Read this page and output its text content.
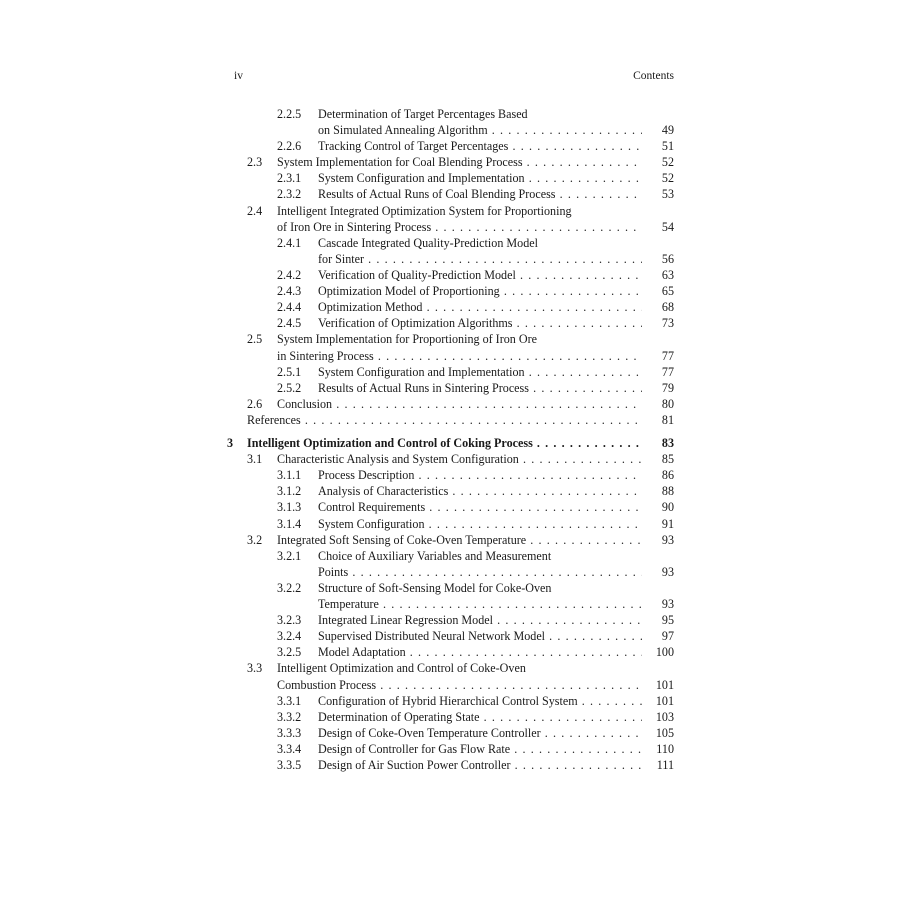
iv	Contents
2.2.5 Determination of Target Percentages Based
on Simulated Annealing Algorithm . . .	49
2.2.6 Tracking Control of Target Percentages . . .	51
2.3 System Implementation for Coal Blending Process . . .	52
2.3.1 System Configuration and Implementation . . .	52
2.3.2 Results of Actual Runs of Coal Blending Process . . .	53
2.4 Intelligent Integrated Optimization System for Proportioning
of Iron Ore in Sintering Process . . .	54
2.4.1 Cascade Integrated Quality-Prediction Model
for Sinter . . .	56
2.4.2 Verification of Quality-Prediction Model . . .	63
2.4.3 Optimization Model of Proportioning . . .	65
2.4.4 Optimization Method . . .	68
2.4.5 Verification of Optimization Algorithms . . .	73
2.5 System Implementation for Proportioning of Iron Ore
in Sintering Process . . .	77
2.5.1 System Configuration and Implementation . . .	77
2.5.2 Results of Actual Runs in Sintering Process . . .	79
2.6 Conclusion . . .	80
References . . .	81
3 Intelligent Optimization and Control of Coking Process . . .	83
3.1 Characteristic Analysis and System Configuration . . .	85
3.1.1 Process Description . . .	86
3.1.2 Analysis of Characteristics . . .	88
3.1.3 Control Requirements . . .	90
3.1.4 System Configuration . . .	91
3.2 Integrated Soft Sensing of Coke-Oven Temperature . . .	93
3.2.1 Choice of Auxiliary Variables and Measurement
Points . . .	93
3.2.2 Structure of Soft-Sensing Model for Coke-Oven
Temperature . . .	93
3.2.3 Integrated Linear Regression Model . . .	95
3.2.4 Supervised Distributed Neural Network Model . . .	97
3.2.5 Model Adaptation . . .	100
3.3 Intelligent Optimization and Control of Coke-Oven
Combustion Process . . .	101
3.3.1 Configuration of Hybrid Hierarchical Control System . . .	101
3.3.2 Determination of Operating State . . .	103
3.3.3 Design of Coke-Oven Temperature Controller . . .	105
3.3.4 Design of Controller for Gas Flow Rate . . .	110
3.3.5 Design of Air Suction Power Controller . . .	111
